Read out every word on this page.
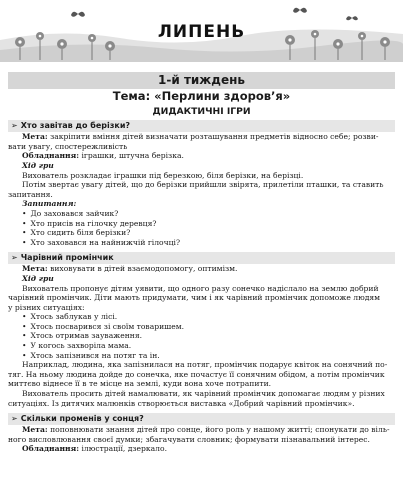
ЛИПЕНЬ
1-й тиждень
Тема: «Перлини здоров’я»
ДИДАКТИЧНІ ІГРИ
➢ Хто завітав до берізки?

Мета: закріпити вміння дітей визначати розташування предметів відносно себе; розви-

вати увагу, спостережливість

Обладнання: іграшки, штучна берізка.

Хід гри

Вихователь розкладає іграшки під березкою, біля берізки, на берізці.

Потім звертає увагу дітей, що до берізки прийшли звірята, прилетіли пташки, та ставить

запитання.

Запитання:

• До заховався зайчик?
• Хто присів на гілочку деревця?
• Хто сидить біля берізки?
• Хто заховався на найнижчій гілочці?
➢ Чарівний промінчик

Мета: виховувати в дітей взаємодопомогу, оптимізм.

Хід гри

Вихователь пропонує дітям уявити, що одного разу сонечко надіслало на землю добрий

чарівний промінчик. Діти мають придумати, чим і як чарівний промінчик допоможе людям

у різних ситуаціях:

• Хтось заблукав у лісі.
• Хтось посварився зі своїм товаришем.
• Хтось отримав зауваження.
• У когось захворіла мама.
• Хтось запізнився на потяг та ін.

Наприклад, людина, яка запізнилася на потяг, промінчик подарує квіток на сонячний по-

тяг. На ньому людина дойде до сонечка, яке почастує її сонячним обідом, а потім промінчик

миттєво віднесе її в те місце на землі, куди вона хоче потрапити.

Вихователь просить дітей намалювати, як чарівний промінчик допомагає людям у різних

ситуаціях. Із дитячих малюнків створюється виставка «Добрий чарівний промінчик».

➢ Скільки променів у сонця?

Мета: поповнювати знання дітей про сонце, його роль у нашому житті; спонукати до віль-

ного висловлювання своєї думки; збагачувати словник; формувати пізнавальний інтерес.

Обладнання: ілюстрації, дзеркало.
